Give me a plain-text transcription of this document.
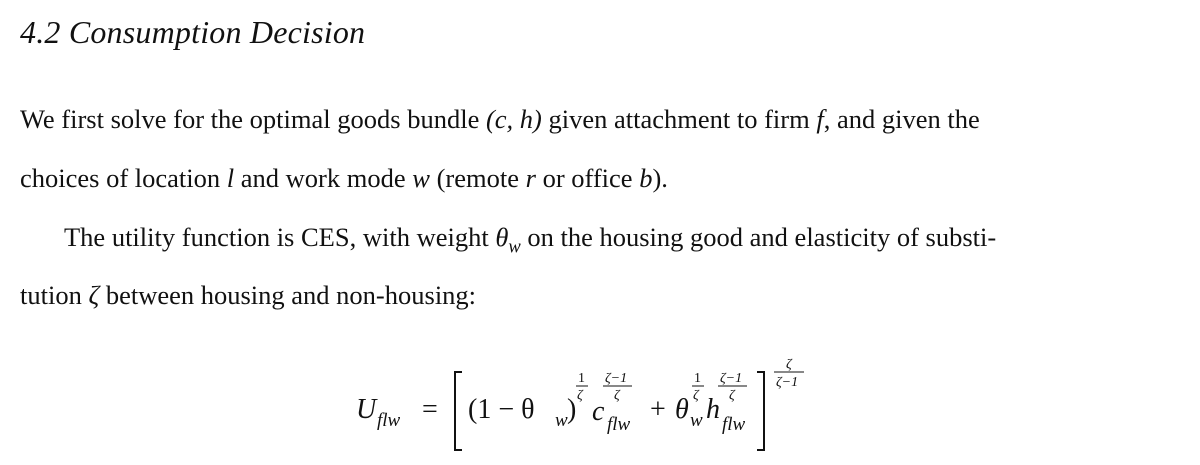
4.2 Consumption Decision
We first solve for the optimal goods bundle (c, h) given attachment to firm f, and given the
choices of location l and work mode w (remote r or office b).
The utility function is CES, with weight $\theta_w$ on the housing good and elasticity of substi-
tution ζ between housing and non-housing:
U flw = (1 − θ w )
1
ζ
c flw
ζ−1
ζ + θ w
1
ζ h flw
ζ−1
ζ
ζ
ζ−1
